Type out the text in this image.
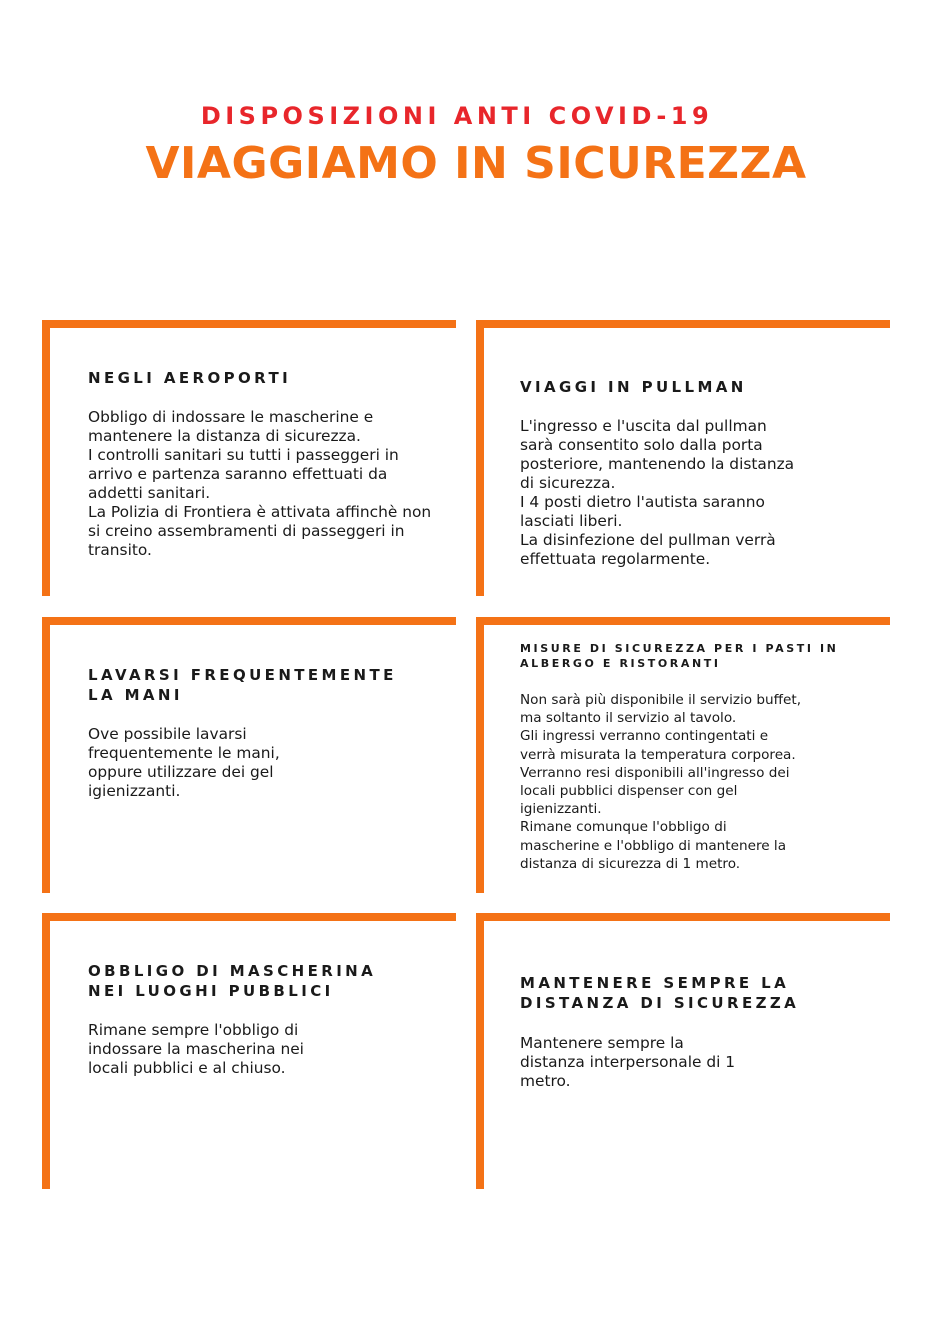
DISPOSIZIONI ANTI COVID-19
VIAGGIAMO IN SICUREZZA
NEGLI AEROPORTI

Obbligo di indossare le mascherine e
mantenere la distanza di sicurezza.
I controlli sanitari su tutti i passeggeri in
arrivo e partenza saranno effettuati da
addetti sanitari.
La Polizia di Frontiera è attivata affinchè non
si creino assembramenti di passeggeri in
transito.

VIAGGI IN PULLMAN

L'ingresso e l'uscita dal pullman
sarà consentito solo dalla porta
posteriore, mantenendo la distanza
di sicurezza.
I 4 posti dietro l'autista saranno
lasciati liberi.
La disinfezione del pullman verrà
effettuata regolarmente.

LAVARSI FREQUENTEMENTE
LA MANI

Ove possibile lavarsi
frequentemente le mani,
oppure utilizzare dei gel
igienizzanti.

MISURE DI SICUREZZA PER I PASTI IN
ALBERGO E RISTORANTI

Non sarà più disponibile il servizio buffet,
ma soltanto il servizio al tavolo.
Gli ingressi verranno contingentati e
verrà misurata la temperatura corporea.
Verranno resi disponibili all'ingresso dei
locali pubblici dispenser con gel
igienizzanti.
Rimane comunque l'obbligo di
mascherine e l'obbligo di mantenere la
distanza di sicurezza di 1 metro.

OBBLIGO DI MASCHERINA
NEI LUOGHI PUBBLICI

Rimane sempre l'obbligo di
indossare la mascherina nei
locali pubblici e al chiuso.

MANTENERE SEMPRE LA
DISTANZA DI SICUREZZA

Mantenere sempre la
distanza interpersonale di 1
metro.
